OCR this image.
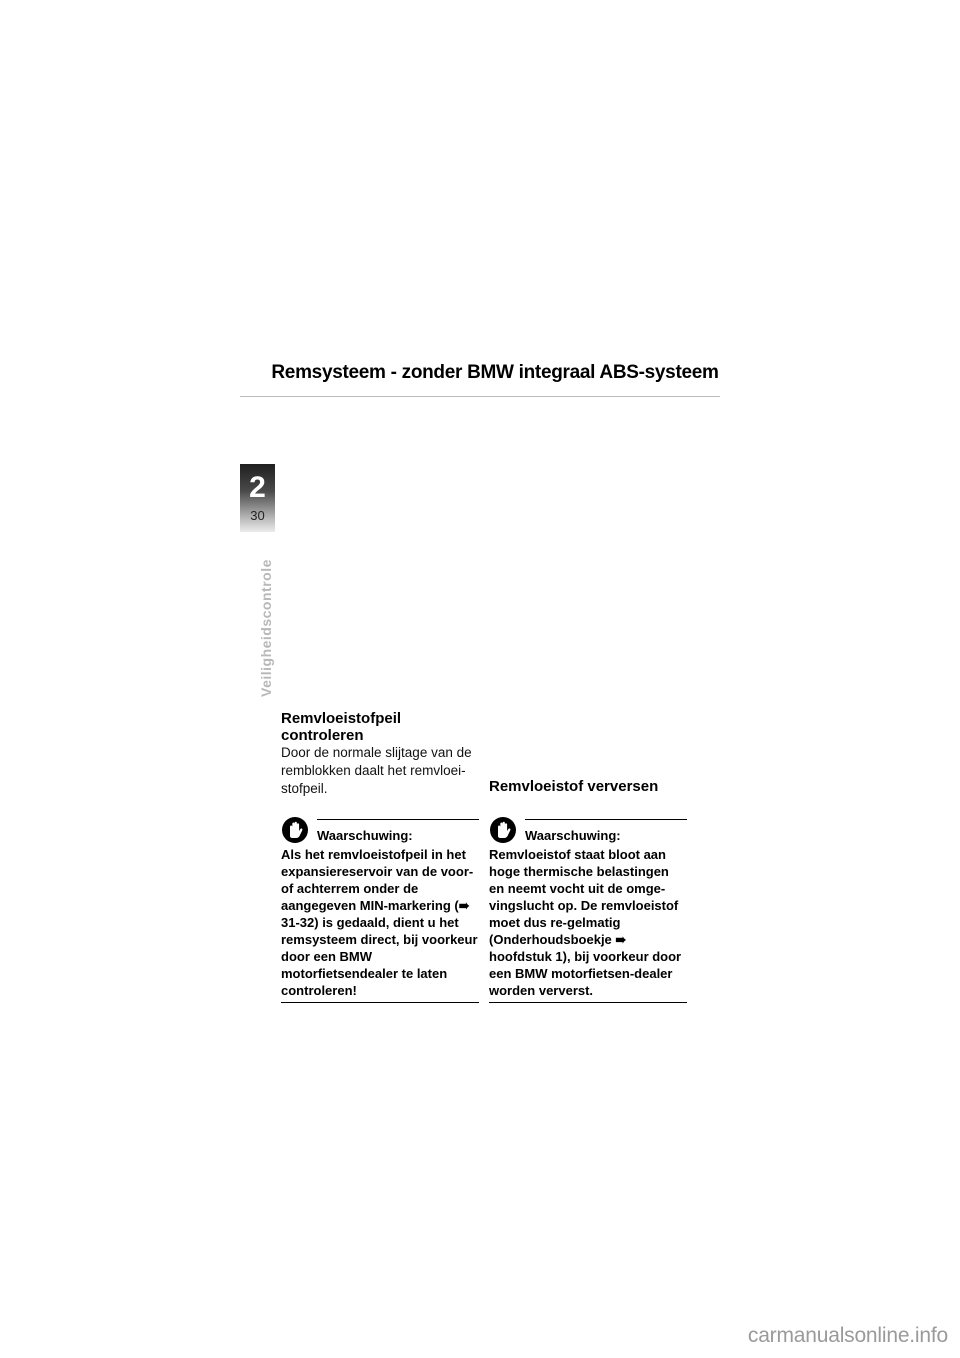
Remsysteem - zonder BMW integraal ABS-systeem
2
30
Veiligheidscontrole
Remvloeistofpeil controleren

Door de normale slijtage van de remblokken daalt het remvloei-stofpeil.

Waarschuwing:

Als het remvloeistofpeil in het expansiereservoir van de voor- of achterrem onder de aangegeven MIN-markering (➠ 31-32) is gedaald, dient u het remsysteem direct, bij voorkeur door een BMW motorfietsendealer te laten controleren!

Remvloeistof verversen
Waarschuwing:

Remvloeistof staat bloot aan hoge thermische belastingen en neemt vocht uit de omge-vingslucht op. De remvloeistof moet dus re-gelmatig (Onderhoudsboekje ➠ hoofdstuk 1), bij voorkeur door een BMW motorfietsen-dealer worden ververst.

carmanualsonline.info
